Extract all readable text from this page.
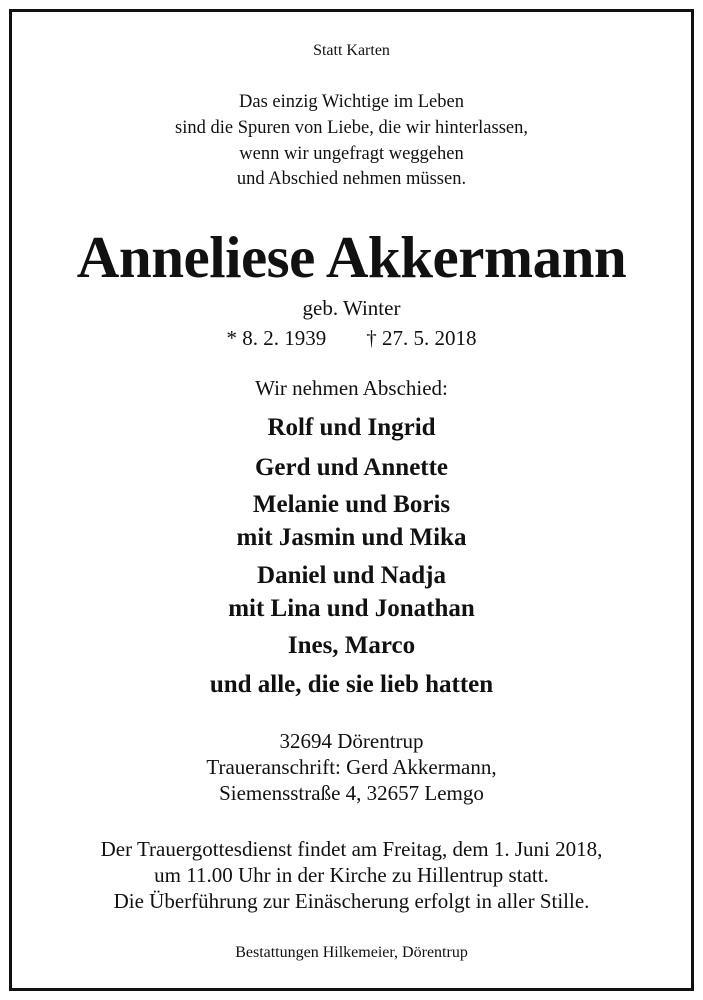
Statt Karten
Das einzig Wichtige im Leben
sind die Spuren von Liebe, die wir hinterlassen,
wenn wir ungefragt weggehen
und Abschied nehmen müssen.
Anneliese Akkermann
geb. Winter
* 8. 2. 1939 † 27. 5. 2018
Wir nehmen Abschied:
Rolf und Ingrid
Gerd und Annette
Melanie und Boris
mit Jasmin und Mika
Daniel und Nadja
mit Lina und Jonathan
Ines, Marco
und alle, die sie lieb hatten
32694 Dörentrup
Traueranschrift: Gerd Akkermann,
Siemensstraße 4, 32657 Lemgo
Der Trauergottesdienst findet am Freitag, dem 1. Juni 2018,
um 11.00 Uhr in der Kirche zu Hillentrup statt.
Die Überführung zur Einäscherung erfolgt in aller Stille.
Bestattungen Hilkemeier, Dörentrup
